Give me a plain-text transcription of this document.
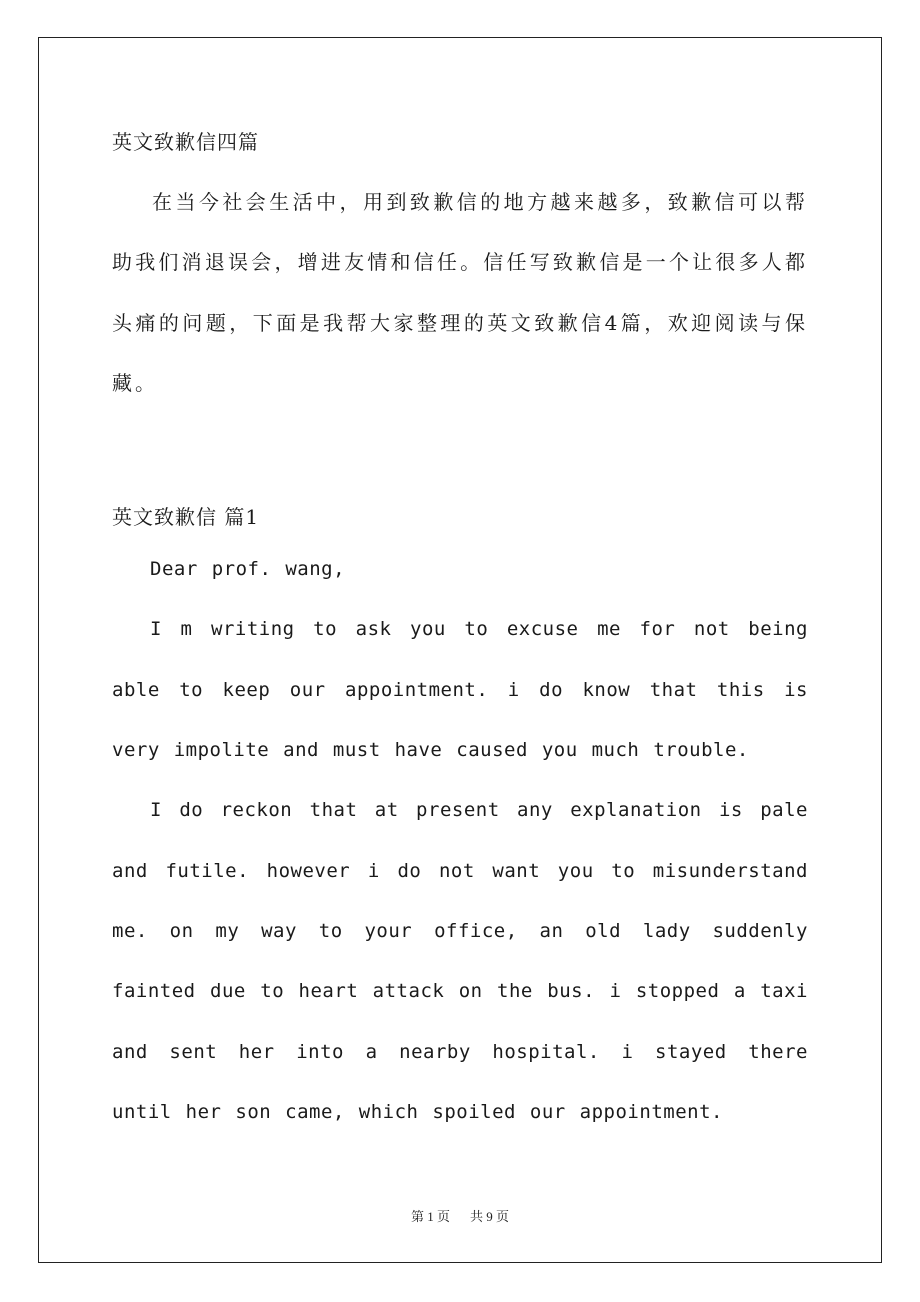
英文致歉信四篇

在当今社会生活中，用到致歉信的地方越来越多，致歉信可以帮助我们消退误会，增进友情和信任。信任写致歉信是一个让很多人都头痛的问题，下面是我帮大家整理的英文致歉信4篇，欢迎阅读与保藏。

英文致歉信 篇1

Dear prof. wang,

I m writing to ask you to excuse me for not being able to keep our appointment. i do know that this is very impolite and must have caused you much trouble.

I do reckon that at present any explanation is pale and futile. however i do not want you to misunderstand me. on my way to your office, an old lady suddenly fainted due to heart attack on the bus. i stopped a taxi and sent her into a nearby hospital. i stayed there until her son came, which spoiled our appointment.

第 1 页 共 9 页
